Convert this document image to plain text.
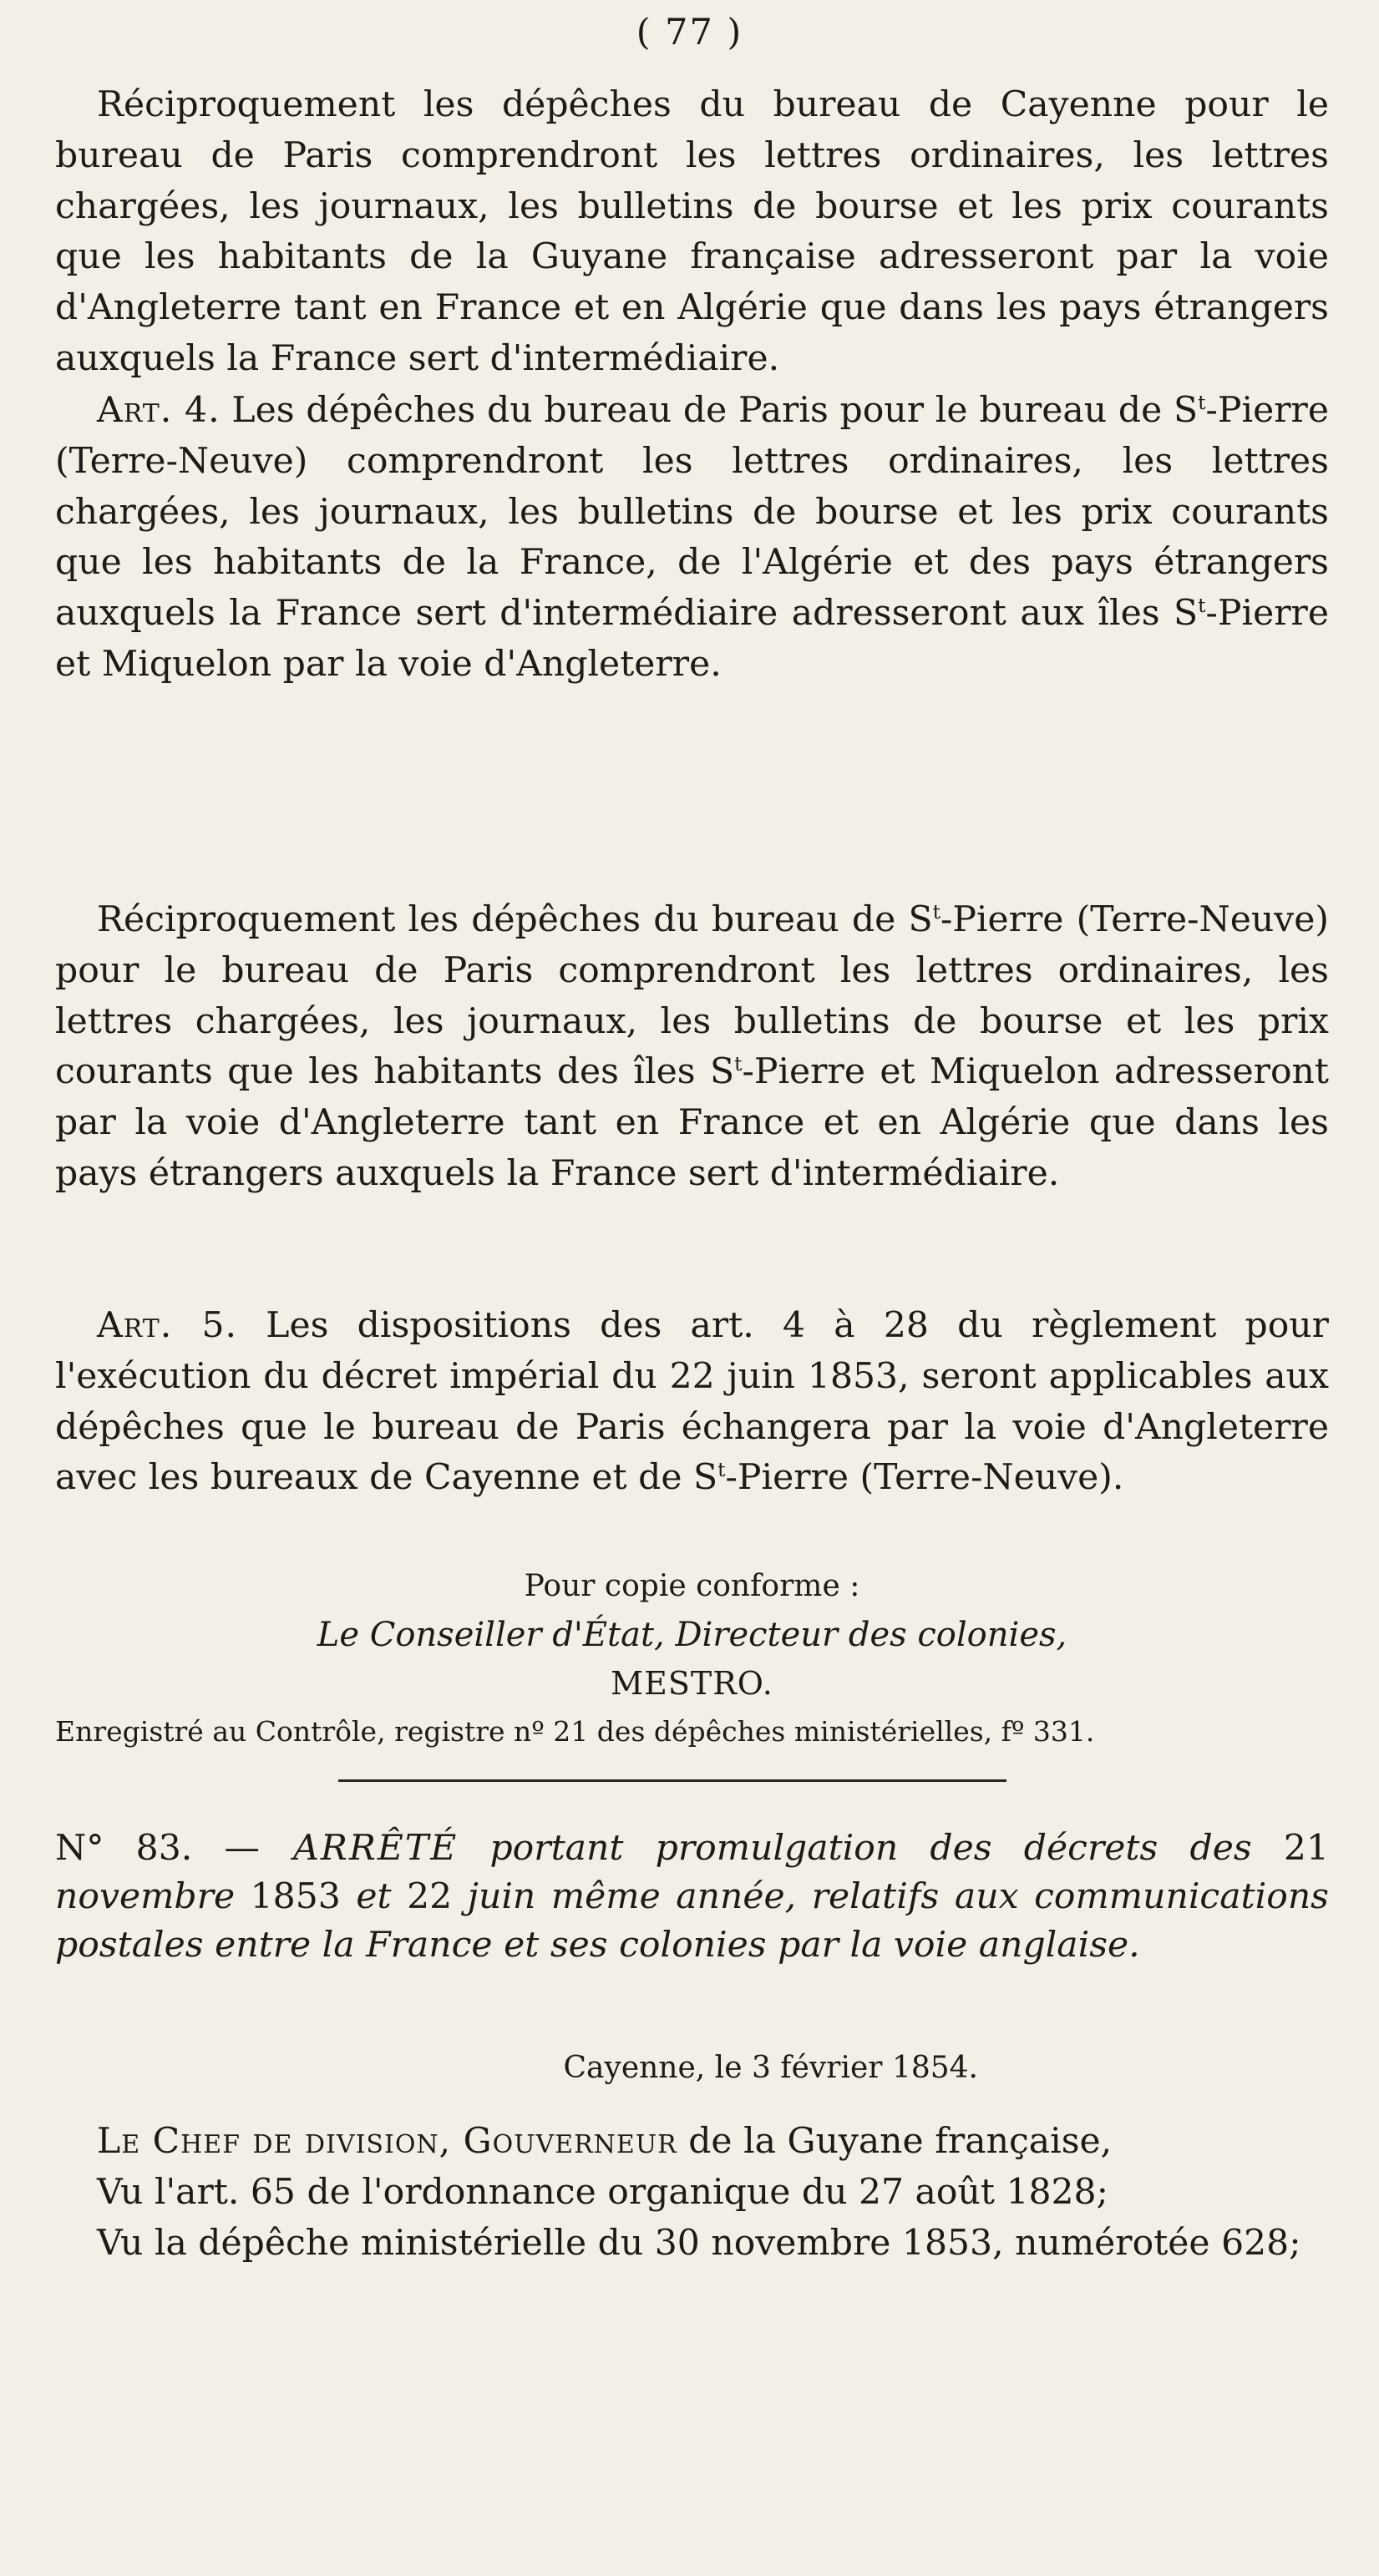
( 77 )

Réciproquement les dépêches du bureau de Cayenne pour le bureau de Paris comprendront les lettres ordinaires, les lettres chargées, les journaux, les bulletins de bourse et les prix courants que les habitants de la Guyane française adresseront par la voie d'Angleterre tant en France et en Algérie que dans les pays étrangers auxquels la France sert d'intermédiaire.

Art. 4. Les dépêches du bureau de Paris pour le bureau de $S^t$-Pierre (Terre-Neuve) comprendront les lettres ordinaires, les lettres chargées, les journaux, les bulletins de bourse et les prix courants que les habitants de la France, de l'Algérie et des pays étrangers auxquels la France sert d'intermédiaire adresseront aux îles $S^t$-Pierre et Miquelon par la voie d'Angleterre.

Réciproquement les dépêches du bureau de $S^t$-Pierre (Terre-Neuve) pour le bureau de Paris comprendront les lettres ordinaires, les lettres chargées, les journaux, les bulletins de bourse et les prix courants que les habitants des îles $S^t$-Pierre et Miquelon adresseront par la voie d'Angleterre tant en France et en Algérie que dans les pays étrangers auxquels la France sert d'intermédiaire.

Art. 5. Les dispositions des art. 4 à 28 du règlement pour l'exécution du décret impérial du 22 juin 1853, seront applicables aux dépêches que le bureau de Paris échangera par la voie d'Angleterre avec les bureaux de Cayenne et de $S^t$-Pierre (Terre-Neuve).

Pour copie conforme :
Le Conseiller d'État, Directeur des colonies,
MESTRO.
Enregistré au Contrôle, registre nº 21 des dépêches ministérielles, fº 331.

N° 83. — ARRÊTÉ portant promulgation des décrets des 21 novembre 1853 et 22 juin même année, relatifs aux communications postales entre la France et ses colonies par la voie anglaise.

Cayenne, le 3 février 1854.

Le Chef de division, Gouverneur de la Guyane française,

Vu l'art. 65 de l'ordonnance organique du 27 août 1828;

Vu la dépêche ministérielle du 30 novembre 1853, numérotée 628;
